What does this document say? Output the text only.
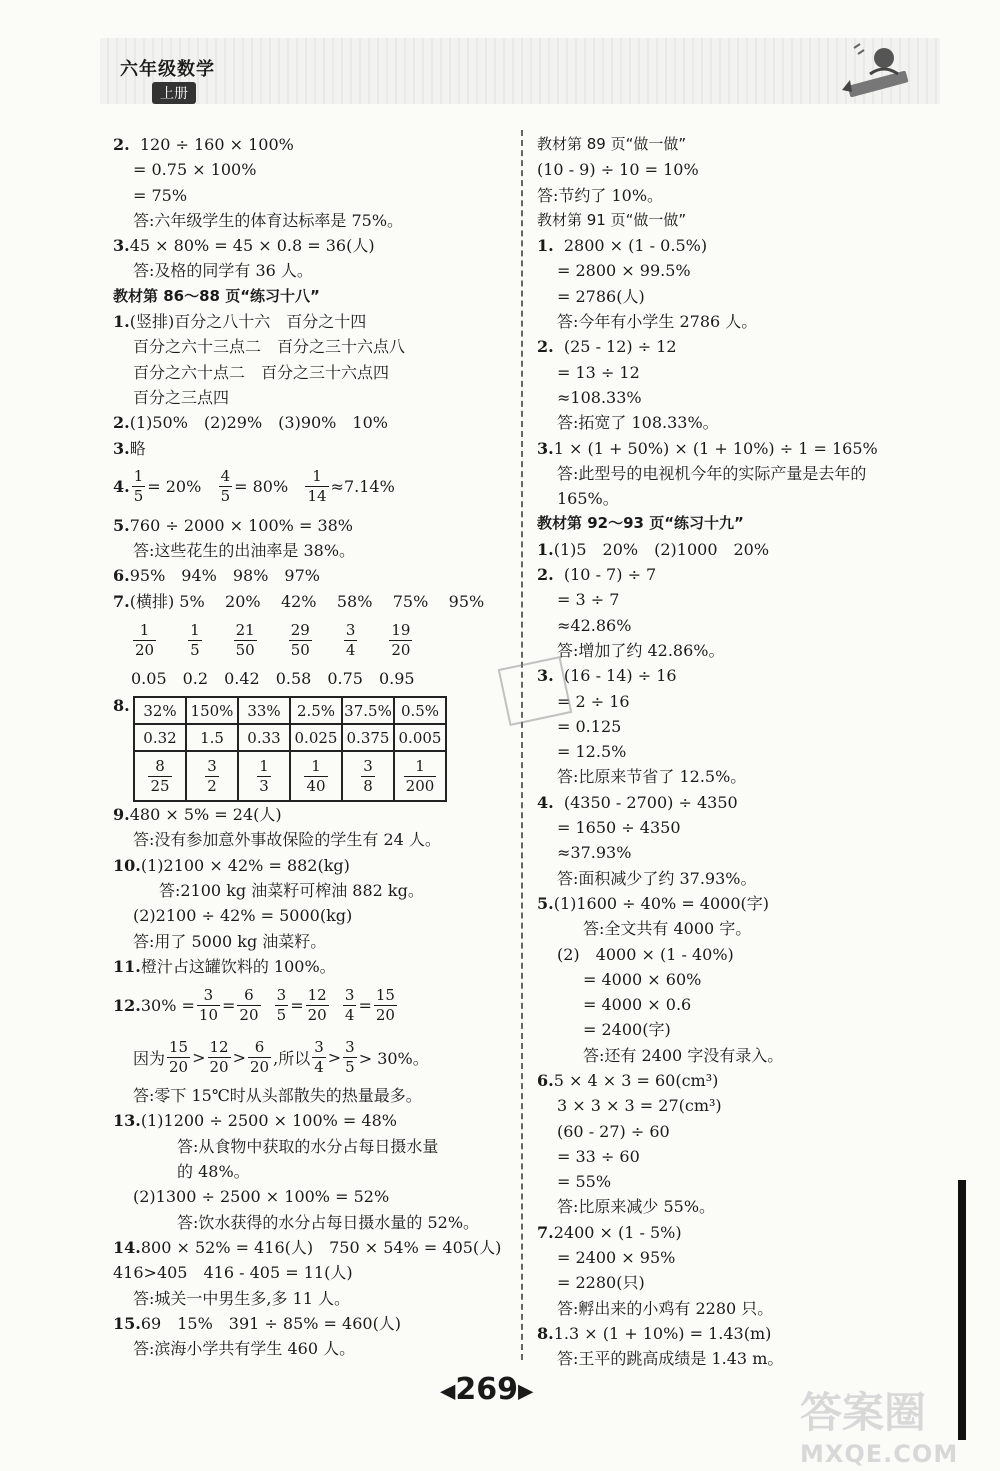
六年级数学
上册
2. 120 ÷ 160 × 100%
= 0.75 × 100%
= 75%
答:六年级学生的体育达标率是 75%。
3.45 × 80% = 45 × 0.8 = 36(人)
答:及格的同学有 36 人。
教材第 86～88 页“练习十八”
1.(竖排)百分之八十六　百分之十四
百分之六十三点二　百分之三十六点八
百分之六十点二　百分之三十六点四
百分之三点四
2.(1)50%　(2)29%　(3)90%　10%
3.略
4. $\frac{1}{5} = 20\%$
$\frac{4}{5} = 80\%$
$\frac{1}{14} \approx 7.14\%$
5.760 ÷ 2000 × 100% = 38%
答:这些花生的出油率是 38%。
6.95%　94%　98%　97%
7.(横排) 5% 20% 42% 58% 75% 95%
$\frac{1}{20} \frac{1}{5} \frac{21}{50} \frac{29}{50} \frac{3}{4} \frac{19}{20}$
0.05　0.2　0.42　0.58　0.75　0.95
8. 32%	150%	33%	2.5%	37.5%	0.5%
0.32	1.5	0.33	0.025	0.375	0.005

$\frac{8}{25}$	$\frac{3}{2}$	$\frac{1}{3}$	$\frac{1}{40}$	$\frac{3}{8}$	$\frac{1}{200}$
9.480 × 5% = 24(人)
答:没有参加意外事故保险的学生有 24 人。
10.(1)2100 × 42% = 882(kg)
答:2100 kg 油菜籽可榨油 882 kg。
(2)2100 ÷ 42% = 5000(kg)
答:用了 5000 kg 油菜籽。
11.橙汁占这罐饮料的 100%。
12. $30\% = \frac{3}{10} = \frac{6}{20}$
$\frac{3}{5} = \frac{12}{20}$
$\frac{3}{4} = \frac{15}{20}$
因为 $\frac{15}{20} > \frac{12}{20} > \frac{6}{20}$ ,所以 $\frac{3}{4} > \frac{3}{5} > 30\%$。
答:零下 15℃时从头部散失的热量最多。
13.(1)1200 ÷ 2500 × 100% = 48%
答:从食物中获取的水分占每日摄水量
的 48%。
(2)1300 ÷ 2500 × 100% = 52%
答:饮水获得的水分占每日摄水量的 52%。
14.800 × 52% = 416(人)　750 × 54% = 405(人)
416>405　416 - 405 = 11(人)
答:城关一中男生多,多 11 人。
15.69　15%　391 ÷ 85% = 460(人)
答:滨海小学共有学生 460 人。
教材第 89 页“做一做”
(10 - 9) ÷ 10 = 10%
答:节约了 10%。
教材第 91 页“做一做”
1. 2800 × (1 - 0.5%)
= 2800 × 99.5%
= 2786(人)
答:今年有小学生 2786 人。
2. (25 - 12) ÷ 12
= 13 ÷ 12
≈108.33%
答:拓宽了 108.33%。
3.1 × (1 + 50%) × (1 + 10%) ÷ 1 = 165%
答:此型号的电视机今年的实际产量是去年的
165%。
教材第 92～93 页“练习十九”
1.(1)5　20%　(2)1000　20%
2. (10 - 7) ÷ 7
= 3 ÷ 7
≈42.86%
答:增加了约 42.86%。
3. (16 - 14) ÷ 16
= 2 ÷ 16
= 0.125
= 12.5%
答:比原来节省了 12.5%。
4. (4350 - 2700) ÷ 4350
= 1650 ÷ 4350
≈37.93%
答:面积减少了约 37.93%。
5.(1)1600 ÷ 40% = 4000(字)
答:全文共有 4000 字。
(2)　4000 × (1 - 40%)
= 4000 × 60%
= 4000 × 0.6
= 2400(字)
答:还有 2400 字没有录入。
6.5 × 4 × 3 = 60(cm³)
3 × 3 × 3 = 27(cm³)
(60 - 27) ÷ 60
= 33 ÷ 60
= 55%
答:比原来减少 55%。
7.2400 × (1 - 5%)
= 2400 × 95%
= 2280(只)
答:孵出来的小鸡有 2280 只。
8.1.3 × (1 + 10%) = 1.43(m)
答:王平的跳高成绩是 1.43 m。
◀269▶	答案圈
MXQE.COM
